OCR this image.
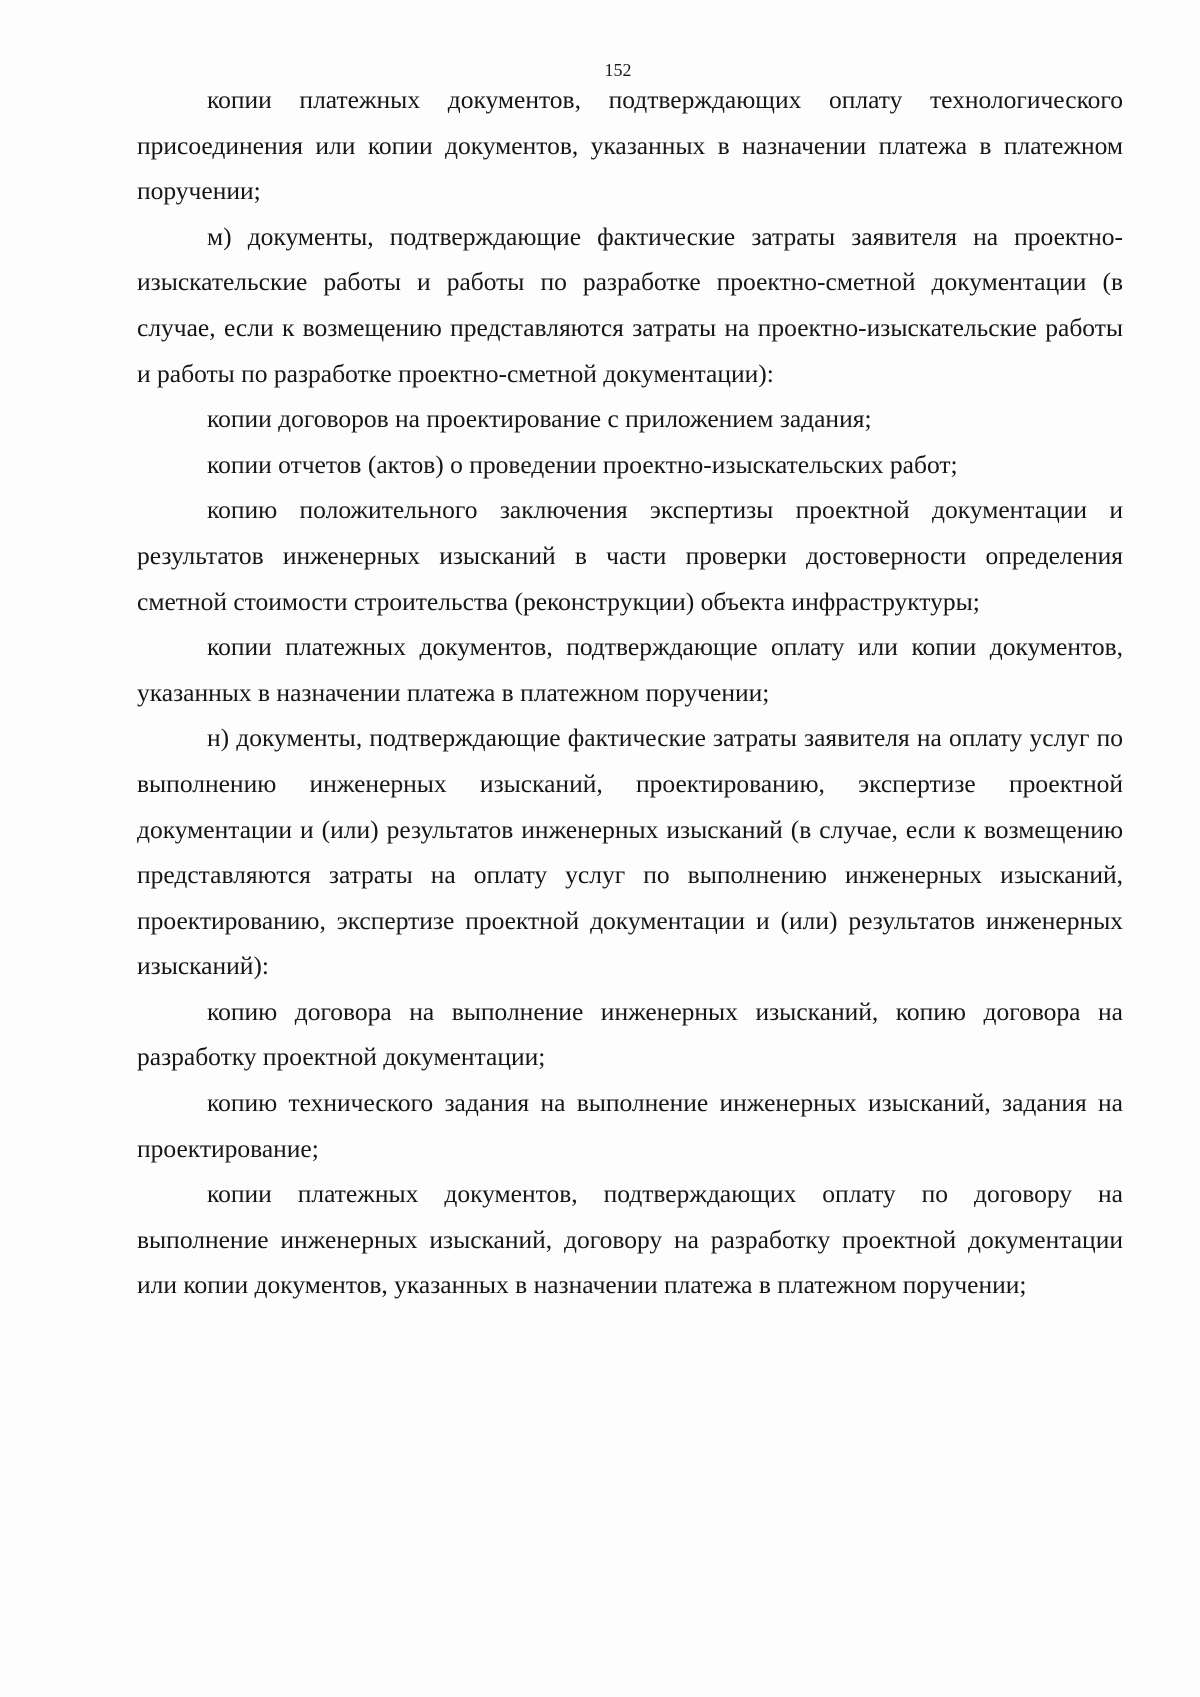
152

копии платежных документов, подтверждающих оплату технологического присоединения или копии документов, указанных в назначении платежа в платежном поручении;

м) документы, подтверждающие фактические затраты заявителя на проектно-изыскательские работы и работы по разработке проектно-сметной документации (в случае, если к возмещению представляются затраты на проектно-изыскательские работы и работы по разработке проектно-сметной документации):

копии договоров на проектирование с приложением задания;

копии отчетов (актов) о проведении проектно-изыскательских работ;

копию положительного заключения экспертизы проектной документации и результатов инженерных изысканий в части проверки достоверности определения сметной стоимости строительства (реконструкции) объекта инфраструктуры;

копии платежных документов, подтверждающие оплату или копии документов, указанных в назначении платежа в платежном поручении;

н) документы, подтверждающие фактические затраты заявителя на оплату услуг по выполнению инженерных изысканий, проектированию, экспертизе проектной документации и (или) результатов инженерных изысканий (в случае, если к возмещению представляются затраты на оплату услуг по выполнению инженерных изысканий, проектированию, экспертизе проектной документации и (или) результатов инженерных изысканий):

копию договора на выполнение инженерных изысканий, копию договора на разработку проектной документации;

копию технического задания на выполнение инженерных изысканий, задания на проектирование;

копии платежных документов, подтверждающих оплату по договору на выполнение инженерных изысканий, договору на разработку проектной документации или копии документов, указанных в назначении платежа в платежном поручении;
